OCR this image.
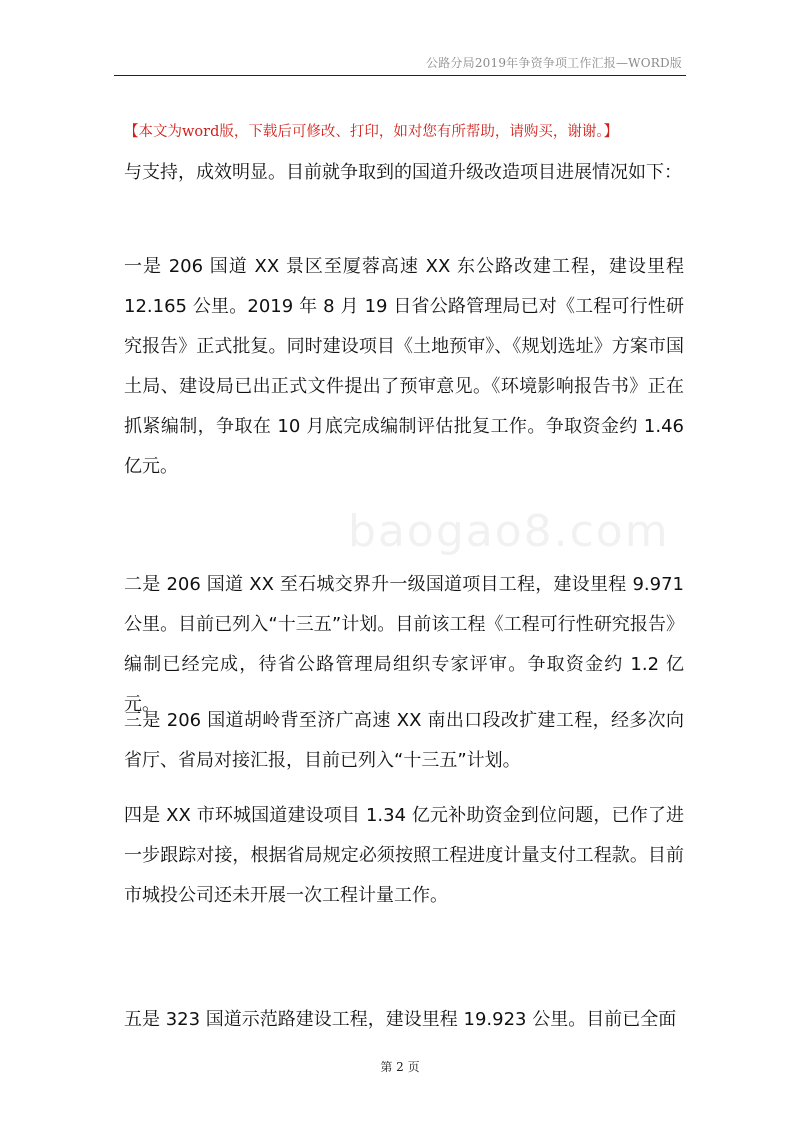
公路分局2019年争资争项工作汇报—WORD版
【本文为word版，下载后可修改、打印，如对您有所帮助，请购买，谢谢。】
baogao8.com
与支持，成效明显。目前就争取到的国道升级改造项目进展情况如下：
一是 206 国道 XX 景区至厦蓉高速 XX 东公路改建工程，建设里程 12.165 公里。2019 年 8 月 19 日省公路管理局已对《工程可行性研究报告》正式批复。同时建设项目《土地预审》、《规划选址》方案市国土局、建设局已出正式文件提出了预审意见。《环境影响报告书》正在抓紧编制，争取在 10 月底完成编制评估批复工作。争取资金约 1.46 亿元。
二是 206 国道 XX 至石城交界升一级国道项目工程，建设里程 9.971 公里。目前已列入“十三五”计划。目前该工程《工程可行性研究报告》编制已经完成，待省公路管理局组织专家评审。争取资金约 1.2 亿元。
三是 206 国道胡岭背至济广高速 XX 南出口段改扩建工程，经多次向省厅、省局对接汇报，目前已列入“十三五”计划。
四是 XX 市环城国道建设项目 1.34 亿元补助资金到位问题，已作了进一步跟踪对接，根据省局规定必须按照工程进度计量支付工程款。目前市城投公司还未开展一次工程计量工作。
五是 323 国道示范路建设工程，建设里程 19.923 公里。目前已全面
第 2 页
